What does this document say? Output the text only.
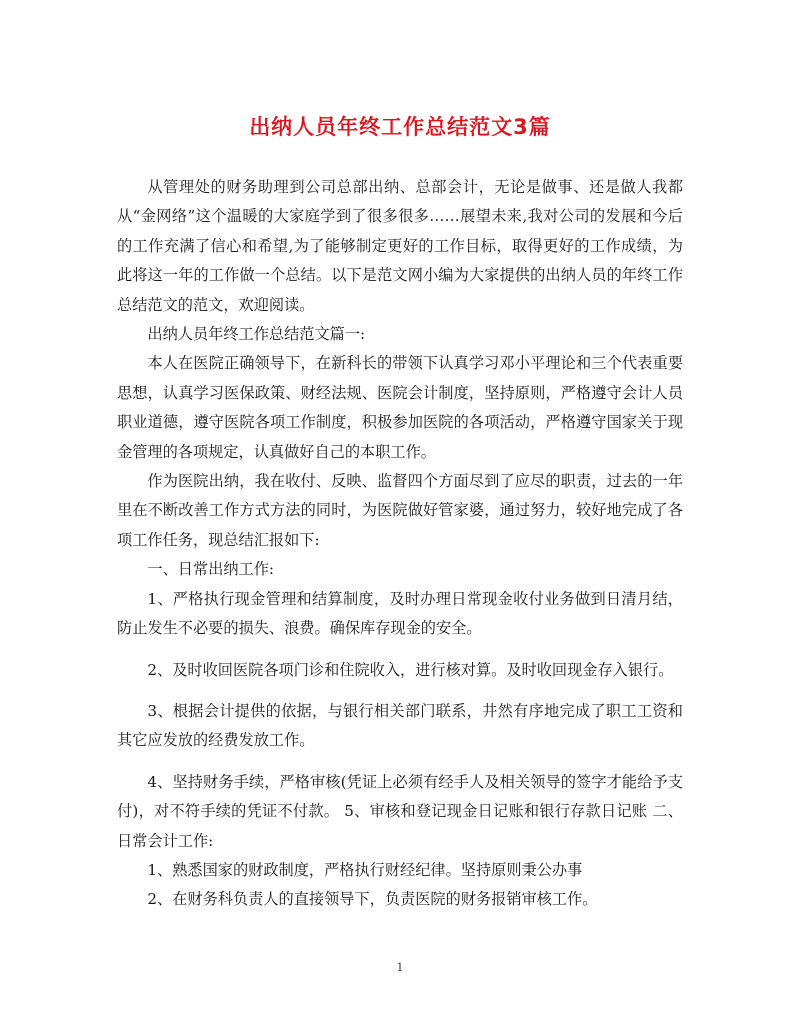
出纳人员年终工作总结范文3篇

从管理处的财务助理到公司总部出纳、总部会计，无论是做事、还是做人我都从“金网络”这个温暖的大家庭学到了很多很多……展望未来,我对公司的发展和今后的工作充满了信心和希望,为了能够制定更好的工作目标，取得更好的工作成绩，为此将这一年的工作做一个总结。以下是范文网小编为大家提供的出纳人员的年终工作总结范文的范文，欢迎阅读。

出纳人员年终工作总结范文篇一:

本人在医院正确领导下，在新科长的带领下认真学习邓小平理论和三个代表重要思想，认真学习医保政策、财经法规、医院会计制度，坚持原则，严格遵守会计人员职业道德，遵守医院各项工作制度，积极参加医院的各项活动，严格遵守国家关于现金管理的各项规定，认真做好自己的本职工作。

作为医院出纳，我在收付、反映、监督四个方面尽到了应尽的职责，过去的一年里在不断改善工作方式方法的同时，为医院做好管家婆，通过努力，较好地完成了各项工作任务，现总结汇报如下:

一、日常出纳工作:

1、严格执行现金管理和结算制度，及时办理日常现金收付业务做到日清月结，防止发生不必要的损失、浪费。确保库存现金的安全。

2、及时收回医院各项门诊和住院收入，进行核对算。及时收回现金存入银行。

3、根据会计提供的依据，与银行相关部门联系，井然有序地完成了职工工资和其它应发放的经费发放工作。

4、坚持财务手续，严格审核(凭证上必须有经手人及相关领导的签字才能给予支付)，对不符手续的凭证不付款。 5、审核和登记现金日记账和银行存款日记账 二、日常会计工作:

1、熟悉国家的财政制度，严格执行财经纪律。坚持原则秉公办事

2、在财务科负责人的直接领导下，负责医院的财务报销审核工作。

1
